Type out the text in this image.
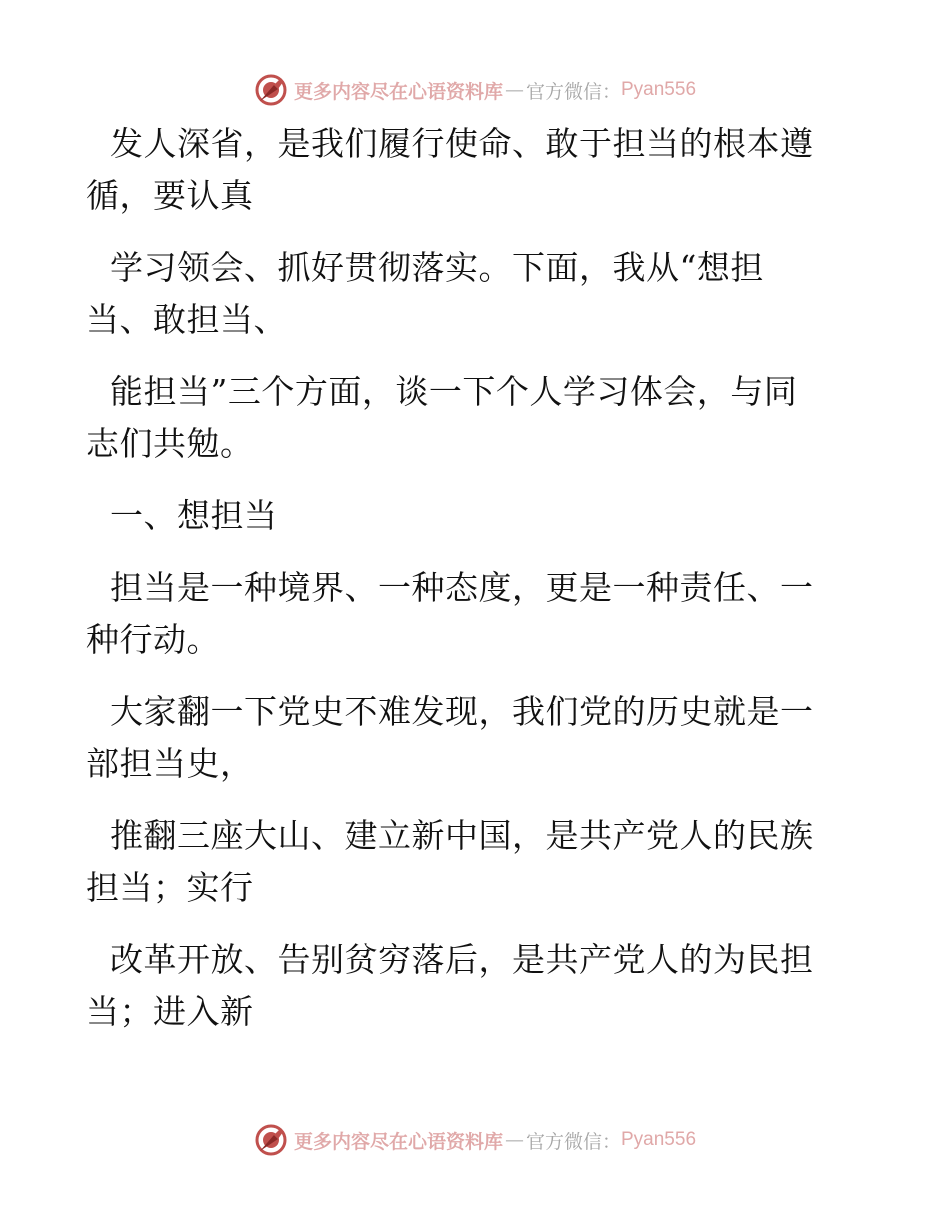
更多内容尽在心语资料库 — 官方微信： Pyan556

发人深省，是我们履行使命、敢于担当的根本遵
循，要认真

学习领会、抓好贯彻落实。下面，我从“想担
当、敢担当、

能担当”三个方面，谈一下个人学习体会，与同
志们共勉。

一、想担当

担当是一种境界、一种态度，更是一种责任、一
种行动。

大家翻一下党史不难发现，我们党的历史就是一
部担当史，

推翻三座大山、建立新中国，是共产党人的民族
担当；实行

改革开放、告别贫穷落后，是共产党人的为民担
当；进入新

更多内容尽在心语资料库 — 官方微信： Pyan556
